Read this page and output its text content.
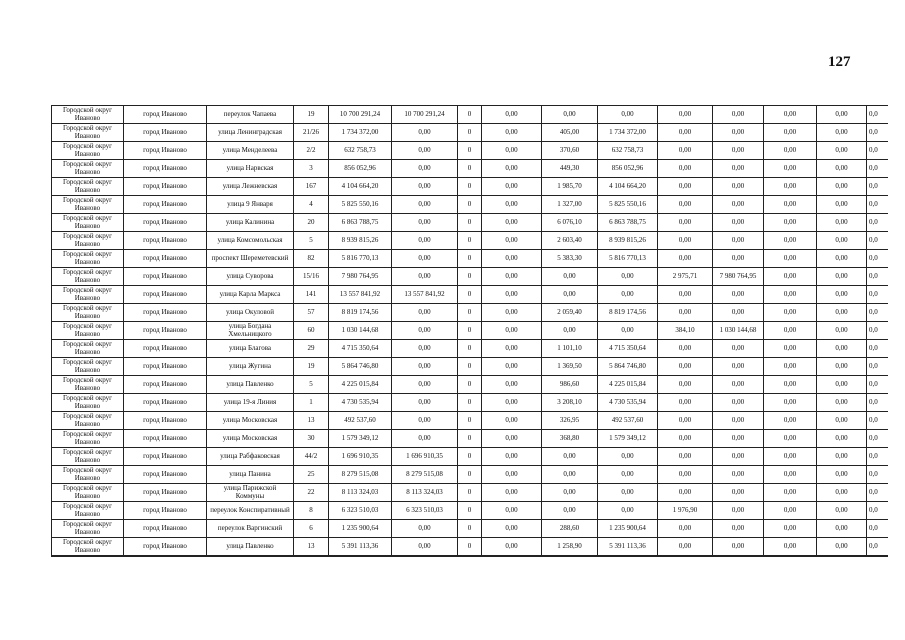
127
Городской округ Иваново	город Иваново	переулок Чапаева	19	10 700 291,24	10 700 291,24	0	0,00	0,00	0,00	0,00	0,00	0,00	0,00	0,0
Городской округ Иваново	город Иваново	улица Ленинградская	21/26	1 734 372,00	0,00	0	0,00	405,00	1 734 372,00	0,00	0,00	0,00	0,00	0,0
Городской округ Иваново	город Иваново	улица Менделеева	2/2	632 758,73	0,00	0	0,00	370,60	632 758,73	0,00	0,00	0,00	0,00	0,0
Городской округ Иваново	город Иваново	улица Нарвская	3	856 052,96	0,00	0	0,00	449,30	856 052,96	0,00	0,00	0,00	0,00	0,0
Городской округ Иваново	город Иваново	улица Лежневская	167	4 104 664,20	0,00	0	0,00	1 985,70	4 104 664,20	0,00	0,00	0,00	0,00	0,0
Городской округ Иваново	город Иваново	улица 9 Января	4	5 825 550,16	0,00	0	0,00	1 327,00	5 825 550,16	0,00	0,00	0,00	0,00	0,0
Городской округ Иваново	город Иваново	улица Калинина	20	6 863 788,75	0,00	0	0,00	6 076,10	6 863 788,75	0,00	0,00	0,00	0,00	0,0
Городской округ Иваново	город Иваново	улица Комсомольская	5	8 939 815,26	0,00	0	0,00	2 603,40	8 939 815,26	0,00	0,00	0,00	0,00	0,0
Городской округ Иваново	город Иваново	проспект Шереметевский	82	5 816 770,13	0,00	0	0,00	5 383,30	5 816 770,13	0,00	0,00	0,00	0,00	0,0
Городской округ Иваново	город Иваново	улица Суворова	15/16	7 980 764,95	0,00	0	0,00	0,00	0,00	2 975,71	7 980 764,95	0,00	0,00	0,0
Городской округ Иваново	город Иваново	улица Карла Маркса	141	13 557 841,92	13 557 841,92	0	0,00	0,00	0,00	0,00	0,00	0,00	0,00	0,0
Городской округ Иваново	город Иваново	улица Окуловой	57	8 819 174,56	0,00	0	0,00	2 059,40	8 819 174,56	0,00	0,00	0,00	0,00	0,0
Городской округ Иваново	город Иваново	улица Богдана Хмельницкого	60	1 030 144,68	0,00	0	0,00	0,00	0,00	384,10	1 030 144,68	0,00	0,00	0,0
Городской округ Иваново	город Иваново	улица Благова	29	4 715 350,64	0,00	0	0,00	1 101,10	4 715 350,64	0,00	0,00	0,00	0,00	0,0
Городской округ Иваново	город Иваново	улица Жугина	19	5 864 746,80	0,00	0	0,00	1 369,50	5 864 746,80	0,00	0,00	0,00	0,00	0,0
Городской округ Иваново	город Иваново	улица Павленко	5	4 225 015,84	0,00	0	0,00	986,60	4 225 015,84	0,00	0,00	0,00	0,00	0,0
Городской округ Иваново	город Иваново	улица 19-я Линия	1	4 730 535,94	0,00	0	0,00	3 208,10	4 730 535,94	0,00	0,00	0,00	0,00	0,0
Городской округ Иваново	город Иваново	улица Московская	13	492 537,60	0,00	0	0,00	326,95	492 537,60	0,00	0,00	0,00	0,00	0,0
Городской округ Иваново	город Иваново	улица Московская	30	1 579 349,12	0,00	0	0,00	368,80	1 579 349,12	0,00	0,00	0,00	0,00	0,0
Городской округ Иваново	город Иваново	улица Рабфаковская	44/2	1 696 910,35	1 696 910,35	0	0,00	0,00	0,00	0,00	0,00	0,00	0,00	0,0
Городской округ Иваново	город Иваново	улица Панина	25	8 279 515,08	8 279 515,08	0	0,00	0,00	0,00	0,00	0,00	0,00	0,00	0,0
Городской округ Иваново	город Иваново	улица Парижской Коммуны	22	8 113 324,03	8 113 324,03	0	0,00	0,00	0,00	0,00	0,00	0,00	0,00	0,0
Городской округ Иваново	город Иваново	переулок Конспиративный	8	6 323 510,03	6 323 510,03	0	0,00	0,00	0,00	1 976,90	0,00	0,00	0,00	0,0
Городской округ Иваново	город Иваново	переулок Варгинский	6	1 235 900,64	0,00	0	0,00	288,60	1 235 900,64	0,00	0,00	0,00	0,00	0,0
Городской округ Иваново	город Иваново	улица Павленко	13	5 391 113,36	0,00	0	0,00	1 258,90	5 391 113,36	0,00	0,00	0,00	0,00	0,0
